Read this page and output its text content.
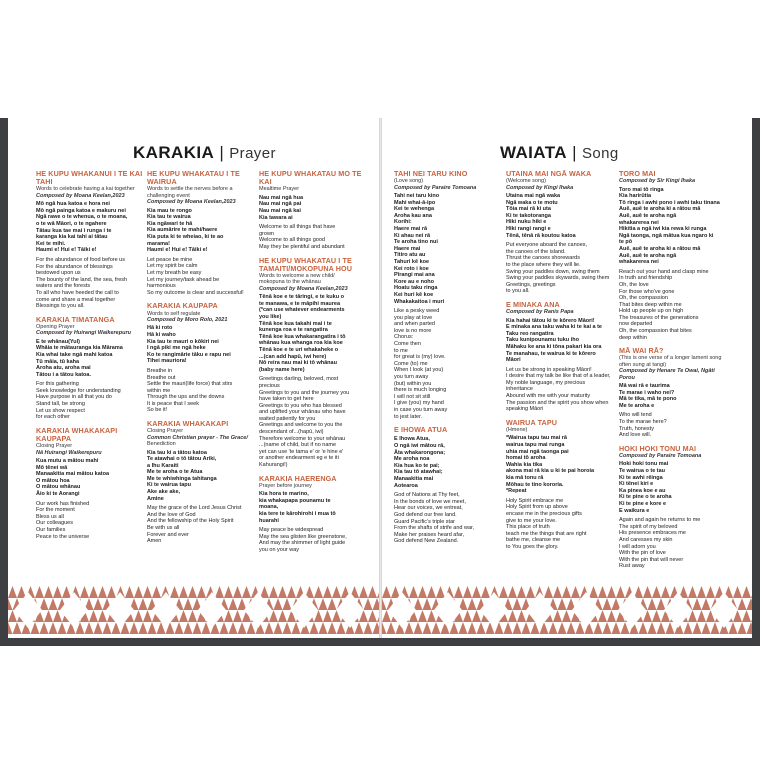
KARAKIA | Prayer
HE KUPU WHAKANUI I TE KAI TAHI
Words to celebrate having a kai together
Composed by Moana Keelan,2023

Mō ngā hua katoa e hora nei

Mō ngā painga katoa e makuru nei

Ngā rawe o te whenua, o te moana,

o te wā Māori, o te ngahere

Tātau kua tae mai i runga i te

karanga kia kai tahi ai tātau

Kei te mihi.

Haumi e! Hui e! Tāiki e!

For the abundance of food before us

For the abundance of blessings

bestowed upon us

The bounty of the land, the sea, fresh

waters and the forests

To all who have heeded the call to

come and share a meal together

Blessings to you all.

KARAKIA TIMATANGA
Opening Prayer
Composed by Huirangi Waikerepuru

E te whānau(Yul)

Whāia te mātauranga kia Mārama

Kia whai take ngā mahi katoa

Tū māia, tū kaha

Aroha atu, aroha mai

Tātou i a tātou katoa.

For this gathering

Seek knowledge for understanding

Have purpose in all that you do

Stand tall, be strong

Let us show respect

for each other

KARAKIA WHAKAKAPI KAUPAPA
Closing Prayer
Nā Huirangi Waikerepuru

Kua mutu a mātou mahi

Mō tēnei wā

Manaakitia mai mātou katoa

O mātou hoa

O mātou whānau

Āio ki te Aorangi

Our work has finished

For the moment

Bless us all

Our colleagues

Our families

Peace to the universe

HE KUPU WHAKATAU I TE WAIRUA
Words to settle the nerves before a
challenging event
Composed by Moana Keelan,2023

Kia mau te rongo

Kia tau te wairua

Kia ngāwari te hā

Kia aumārire te mahi/haere

Kia puta ki te wheiao, ki te ao

marama!

Haumi e! Hui e! Tāiki e!

Let peace be mine

Let my spirit be calm

Let my breath be easy

Let my journey/task ahead be

harmonious

So my outcome is clear and successful!

KARAKIA KAUPAPA
Words to self regulate
Composed by Moro Rolo, 2021

Hā ki roto

Hā ki waho

Kia tau te mauri o kōkiri nei

I ngā piki me ngā heke

Ko te rangimārie tāku e rapu nei

Tihei mauriora!

Breathe in

Breathe out

Settle the mauri(life force) that stirs

within me

Through the ups and the downs

It is peace that I seek

So be it!

KARAKIA WHAKAKAPI
Closing Prayer
Common Christian prayer - The Grace/
Benediction

Kia tau ki a tātou katoa

Te atawhai o tō tātou Ariki,

a Ihu Karaiti

Me te aroha o te Atua

Me te whiwhinga tahitanga

Ki te wairua tapu

Ake ake ake,

Amine

May the grace of the Lord Jesus Christ

And the love of God

And the fellowship of the Holy Spirit

Be with us all

Forever and ever

Amen

HE KUPU WHAKATAU MO TE KAI
Mealtime Prayer

Nau mai ngā hua

Nau mai ngā pai

Nau mai ngā kai

Kia tawara ai

Welcome to all things that have

grown

Welcome to all things good

May they be plentiful and abundant

HE KUPU WHAKATAU I TE TAMAITI/MOKOPUNA HOU
Words to welcome a new child/
mokopuna to the whānau
Composed by Moana Keelan,2023

Tēnā koe e te tāringi, e te kuku o

te manawa, e te māpihi maurea

(*can use whatever endearments

you like)

Tēnā koe kua takahi mai i te

kunenga roa e te rangatira

Tēnā koe kua whakarangatira i tō

whānau kua whanga roa kia koe

Tēnā koe e te uri whakaheke o

...(can add hapū, iwi here)

Nō reira nau mai ki tō whānau

(baby name here)

Greetings darling, beloved, most

precious

Greetings to you and the journey you

have taken to get here

Greetings to you who has blessed

and uplifted your whānau who have

waited patiently for you

Greetings and welcome to you the

descendant of...(hapū, iwi)

Therefore welcome to your whānau

...(name of child, but if no name

yet can use 'te tama e' or 'e hine e'

or another endearment eg e te iti

Kahurangi!)

KARAKIA HAERENGA
Prayer before journey

Kia hora te marino,

kia whakapapa pounamu te

moana,

kia tere te kārohirohi i mua tō

huarahi

May peace be widespread

May the sea glisten like greenstone,

And may the shimmer of light guide

you on your way

WAIATA | Song
TAHI NEI TARU KINO
(Love song)
Composed by Paraire Tomoana

Tahi nei taru kino

Mahi whai-ā-ipo

Kei te wehenga

Aroha kau ana

Korihi:

Haere mai rā

Ki ahau nei rā

Te aroha tino nui

Haere mai

Titiro atu au

Tahuri kē koe

Kei roto i koe

Pīrangi mai ana

Kore au e noho

Hoatu taku ringa

Kei huri kē koe

Whakakaitoa i muri

Like a pesky weed

you play at love

and when parted

love is no more

Chorus:

Come then

to me

for great is (my) love.

Come (to) me

When I look (at you)

you turn away

(but) within you

there is much longing

I will not sit still

I give (you) my hand

in case you turn away

to jest later.

E IHOWA ATUA

E Ihowa Atua,

O ngā iwi mātou rā,

Āta whakarongona;

Me aroha noa

Kia hua ko te pai;

Kia tau tō atawhai;

Manaakitia mai

Aotearoa

God of Nations at Thy feet,

In the bonds of love we meet,

Hear our voices, we entreat,

God defend our free land.

Guard Pacific's triple star

From the shafts of strife and war,

Make her praises heard afar,

God defend New Zealand.

UTAINA MAI NGĀ WAKA
(Welcome song)
Composed by Kingi Ihaka

Utaina mai ngā waka

Ngā waka o te motu

Tōia mai rā ki uta

Ki te takotoranga

Hiki nuku hiki e

Hiki rangi rangi e

Tēnā, tēnā rā koutou katoa

Put everyone aboard the canoes,

the canoes of the island.

Thrust the canoes shorewards

to the place where they will lie.

Swing your paddles down, swing them

Swing your paddles skywards, swing them

Greetings, greetings

to you all.

E MINAKA ANA
Composed by Ranis Papa

Kia hahai tātou ki te kōrero Māori!

E minaka ana taku waha ki te kai a te

Taku reo rangatira

Taku kunipounamu tuku iho

Māhaku ke ana ki tōna pakari kia ora

Te manahau, te wairua ki te kōrero

Māori

Let us be strong in speaking Māori!

I desire that my talk be like that of a leader,

My noble language, my precious

inheritance

Abound with me with your maturity

The passion and the spirit you show when

speaking Māori

WAIRUA TAPU
(Hmene)

*Wairua tapu tau mai rā

wairua tapu mai runga

uhia mai ngā taonga pai

homai tō aroha

Wahia kia tika

akona mai rā kia u ki te pai horoia

kia mā tonu rā

Mōhau te tino kororia.

*Repeat

Holy Spirit embrace me

Holy Spirit from up above

encase me in the precious gifts

give to me your love.

This place of truth

teach me the things that are right

bathe me, cleanse me

to You goes the glory.

TORO MAI
Composed by Sir Kingi Ihaka

Toro mai tō ringa

Kia harirūtia

Tō ringa i awhi pono i awhi taku tinana

Auē, auē te aroha ki a rātou mā

Auē, auē te aroha ngā

whakarerea nei

Hikitia a ngā iwi kia rewa ki runga

Ngā taonga, ngā mātua kua ngaro ki

te pō

Auē, auē te aroha ki a rātou mā

Auē, auē te aroha ngā

whakarerea nei

Reach out your hand and clasp mine

In truth and friendship

Oh, the love

For those who've gone

Oh, the compassion

That bites deep within me

Hold up people up on high

The treasures of the generations

now departed

Oh, the compassion that bites

deep within

MĀ WAI RĀ?
(This is one verse of a longer lament song
often sung at tangi)
Composed by Henare Te Owai, Ngāti Porou

Mā wai rā e taurima

Te marae i waho nei?

Mā te tika, mā te pono

Me te aroha e

Who will tend

To the marae here?

Truth, honesty

And love will.

HOKI HOKI TONU MAI
Composed by Paraire Tomoana

Hoki hoki tonu mai

Te wairua o te tau

Ki te awhi rēinga

Ki tēnei kiri e

Ka pinea koe e au

Ki te pine o te aroha

Ki te pine e kore e

E waikura e

Again and again he returns to me

The spirit of my beloved

His presence embraces me

And caresses my skin

I will adorn you

With the pin of love

With the pin that will never

Rust away
